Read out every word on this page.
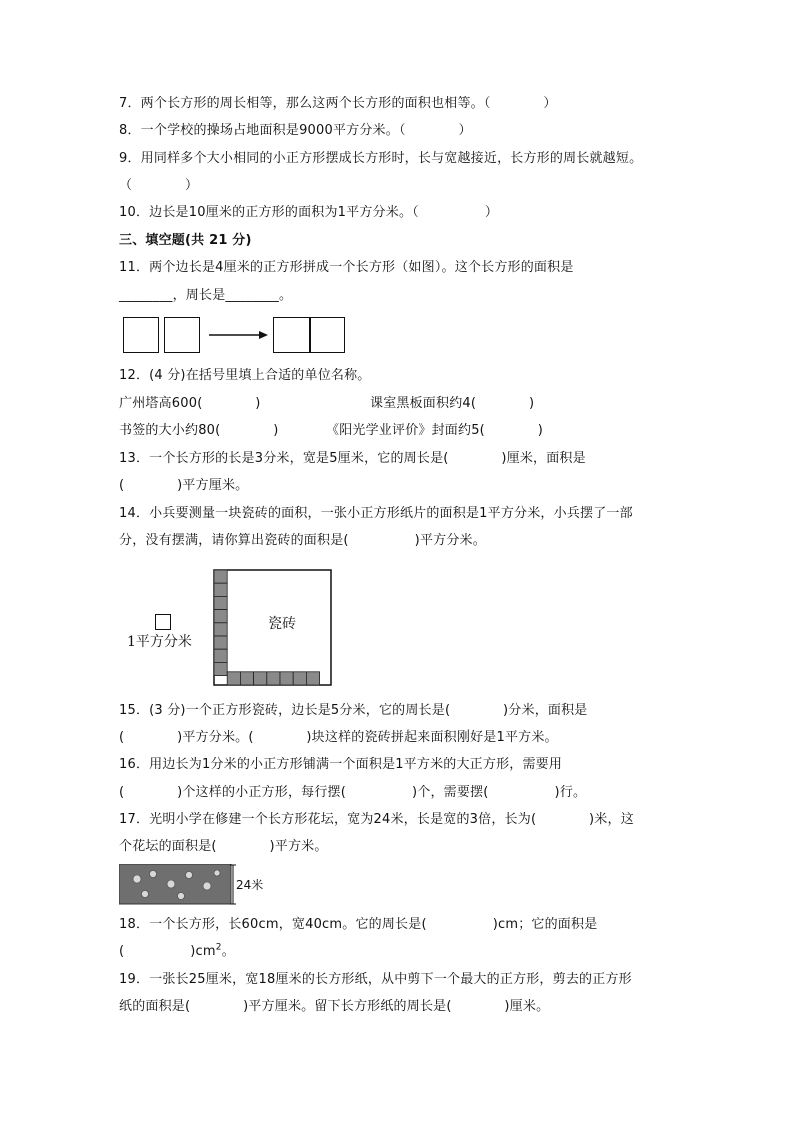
7．两个长方形的周长相等，那么这两个长方形的面积也相等。（　　　　）
8．一个学校的操场占地面积是9000平方分米。（　　　　）
9．用同样多个大小相同的小正方形摆成长方形时，长与宽越接近，长方形的周长就越短。
（　　　　）
10．边长是10厘米的正方形的面积为1平方分米。（　　　　　）
三、填空题(共 21 分)
11．两个边长是4厘米的正方形拼成一个长方形（如图）。这个长方形的面积是
________，周长是________。
12．(4 分)在括号里填上合适的单位名称。
广州塔高600(　　　　)	课室黑板面积约4(　　　　)
书签的大小约80(　　　　)	《阳光学业评价》封面约5(　　　　)
13．一个长方形的长是3分米，宽是5厘米，它的周长是(　　　　)厘米，面积是
(　　　　)平方厘米。
14．小兵要测量一块瓷砖的面积，一张小正方形纸片的面积是1平方分米，小兵摆了一部
分，没有摆满，请你算出瓷砖的面积是(　　　　　)平方分米。
1平方分米
瓷砖
15．(3 分)一个正方形瓷砖，边长是5分米，它的周长是(　　　　)分米，面积是
(　　　　)平方分米。(　　　　)块这样的瓷砖拼起来面积刚好是1平方米。
16．用边长为1分米的小正方形铺满一个面积是1平方米的大正方形，需要用
(　　　　)个这样的小正方形，每行摆(　　　　　)个，需要摆(　　　　　)行。
17．光明小学在修建一个长方形花坛，宽为24米，长是宽的3倍，长为(　　　　)米，这
个花坛的面积是(　　　　)平方米。
24米
18．一个长方形，长60cm，宽40cm。它的周长是(　　　　　)cm；它的面积是
(　　　　　)$cm^2$。
19．一张长25厘米，宽18厘米的长方形纸，从中剪下一个最大的正方形，剪去的正方形
纸的面积是(　　　　)平方厘米。留下长方形纸的周长是(　　　　)厘米。
